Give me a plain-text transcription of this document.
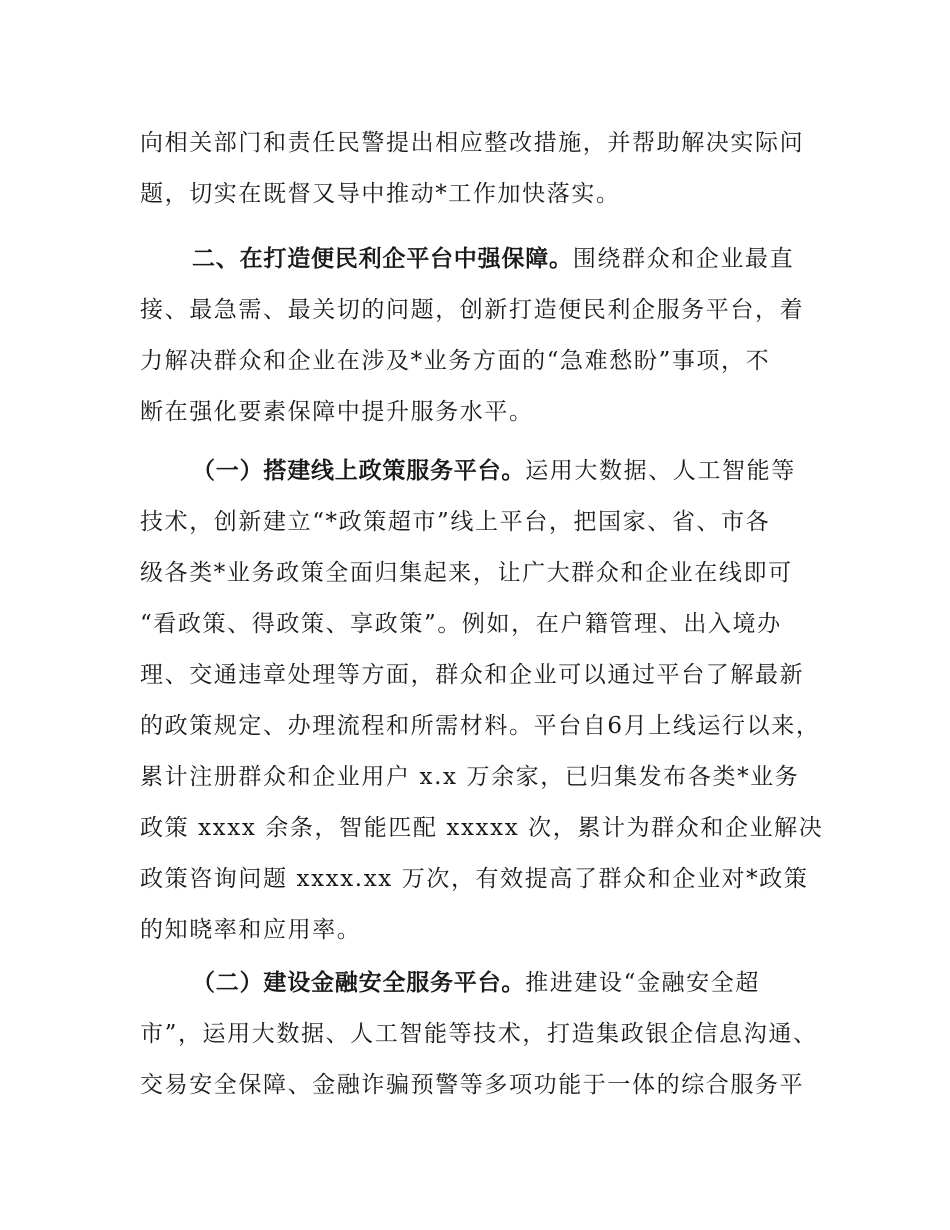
向相关部门和责任民警提出相应整改措施，并帮助解决实际问
题，切实在既督又导中推动*工作加快落实。

二、在打造便民利企平台中强保障。围绕群众和企业最直
接、最急需、最关切的问题，创新打造便民利企服务平台，着
力解决群众和企业在涉及*业务方面的“急难愁盼”事项，不
断在强化要素保障中提升服务水平。

（一）搭建线上政策服务平台。运用大数据、人工智能等
技术，创新建立“*政策超市”线上平台，把国家、省、市各
级各类*业务政策全面归集起来，让广大群众和企业在线即可
“看政策、得政策、享政策”。例如，在户籍管理、出入境办
理、交通违章处理等方面，群众和企业可以通过平台了解最新
的政策规定、办理流程和所需材料。平台自6月上线运行以来，
累计注册群众和企业用户 x.x 万余家，已归集发布各类*业务
政策 xxxx 余条，智能匹配 xxxxx 次，累计为群众和企业解决
政策咨询问题 xxxx.xx 万次，有效提高了群众和企业对*政策
的知晓率和应用率。

（二）建设金融安全服务平台。推进建设“金融安全超
市”，运用大数据、人工智能等技术，打造集政银企信息沟通、
交易安全保障、金融诈骗预警等多项功能于一体的综合服务平
